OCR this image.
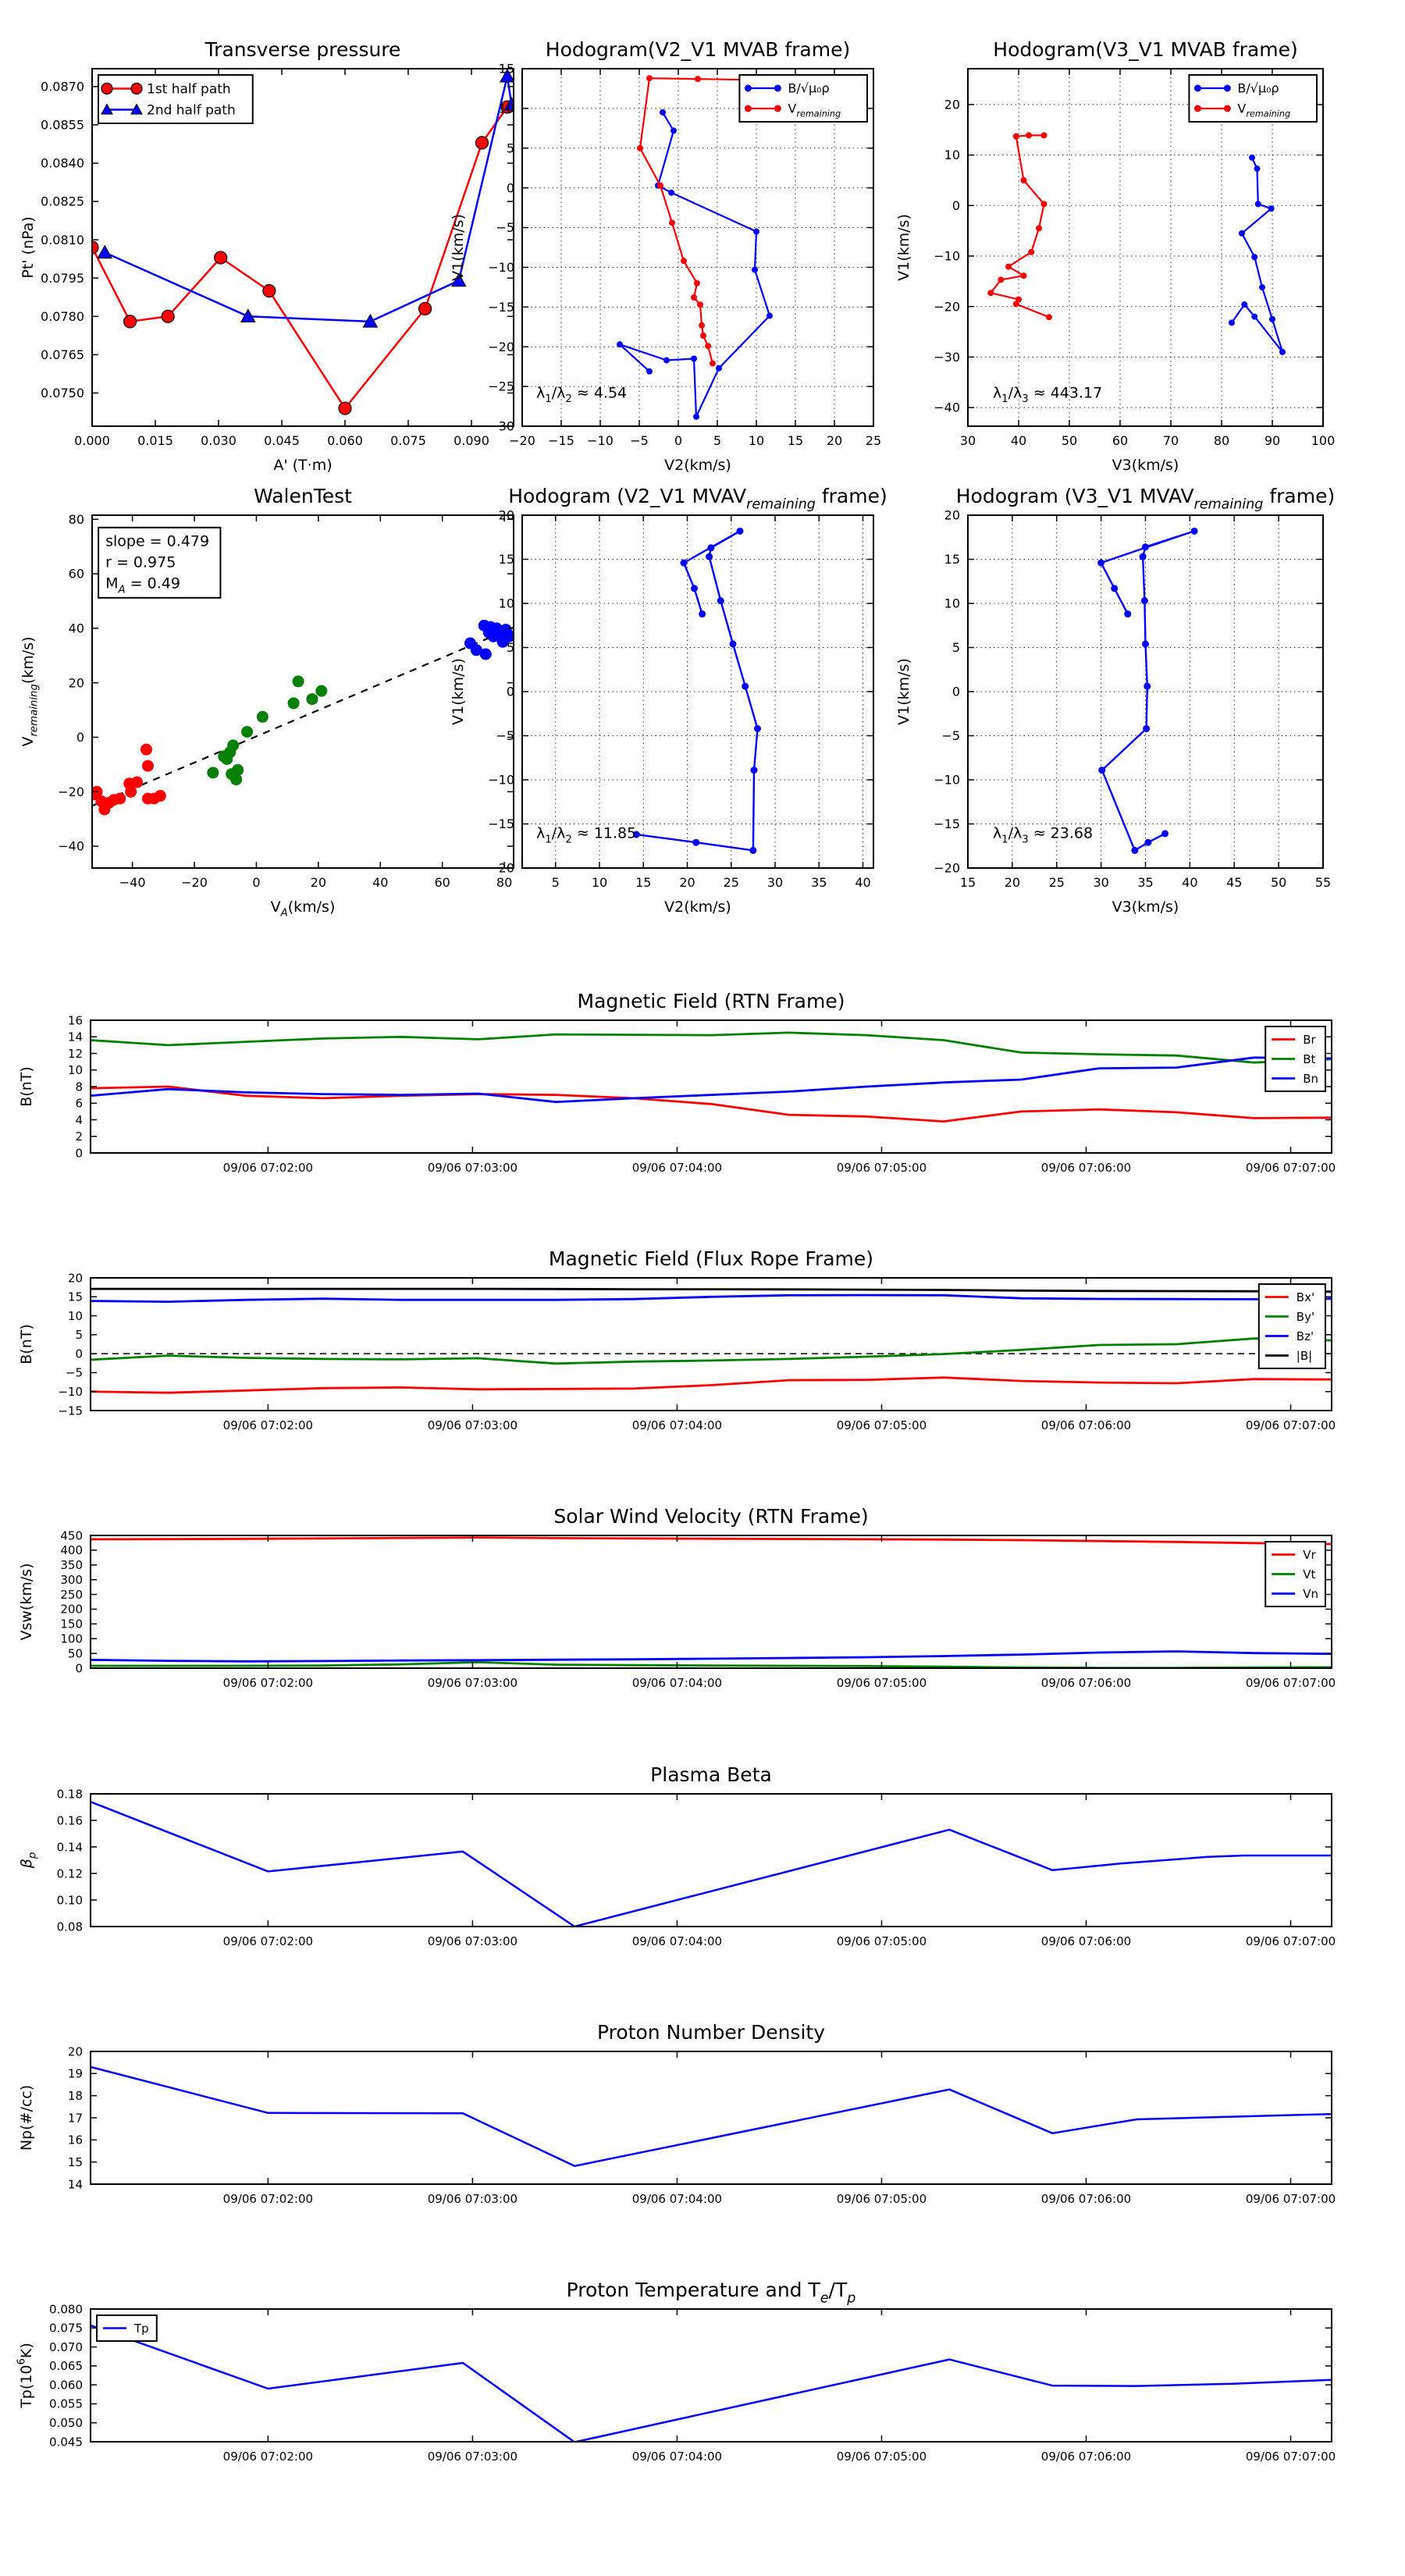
0.000 0.015 0.030 0.045 0.060 0.075 0.090
0.0750
0.0765
0.0780
0.0795
0.0810
0.0825
0.0840
0.0855
0.0870
Transverse pressure
A' (T·m)
Pt' (nPa)
1st half path
2nd half path
−20 −15 −10 −5 0 5 10 15 20 25
−30
−25
−20
−15
−10
−5
0
5
10
15
Hodogram(V2_V1 MVAB frame)
V2(km/s)
V1(km/s)
B/√μ₀ρ
$V_{remaining}$
$\lambda_1/\lambda_2 \approx 4.54$
30	40	50	60	70	80	90 100
−40
−30
−20
−10
0
10
20
Hodogram(V3_V1 MVAB frame)
V3(km/s)
V1(km/s)
B/√μ₀ρ
$V_{remaining}$
$\lambda_1/\lambda_3 \approx 443.17$
−40	−20	0	20	40	60	80
−40
−20
0
20
40
60
80
WalenTest
$V_A(km/s)$
$V_{remaining}(km/s)$
slope = 0.479
r = 0.975
$M_A = 0.49$
5	10 15 20 25 30 35 40
−20
−15
−10
−5
0
5
10
15
20
Hodogram (V2_V1 $MVAV_{remaining}$ frame)
V2(km/s)
V1(km/s)
$\lambda_1/\lambda_2 \approx 11.85$
15 20 25 30 35 40 45 50 55
−20
−15
−10
−5
0
5
10
15
20
Hodogram (V3_V1 $MVAV_{remaining}$ frame)
V3(km/s)
V1(km/s)
$\lambda_1/\lambda_3 \approx 23.68$
09/06 07:02:00	09/06 07:03:00	09/06 07:04:00	09/06 07:05:00	09/06 07:06:00	09/06 07:07:00
0
2
4
6
8
10
12
14
16
Magnetic Field (RTN Frame)
B(nT)
Br
Bt
Bn
09/06 07:02:00	09/06 07:03:00	09/06 07:04:00	09/06 07:05:00	09/06 07:06:00	09/06 07:07:00
−15
−10
−5
0
5
10
15
20
Magnetic Field (Flux Rope Frame)
B(nT)
Bx'
By'
Bz'
|B|
09/06 07:02:00	09/06 07:03:00	09/06 07:04:00	09/06 07:05:00	09/06 07:06:00	09/06 07:07:00
0
50
100
150
200
250
300
350
400
450
Solar Wind Velocity (RTN Frame)
Vsw(km/s)
Vr
Vt
Vn
09/06 07:02:00	09/06 07:03:00	09/06 07:04:00	09/06 07:05:00	09/06 07:06:00	09/06 07:07:00
0.08
0.10
0.12
0.14
0.16
0.18
Plasma Beta
$\beta_p$
09/06 07:02:00	09/06 07:03:00	09/06 07:04:00	09/06 07:05:00	09/06 07:06:00	09/06 07:07:00
14
15
16
17
18
19
20
Proton Number Density
Np(#/cc)
09/06 07:02:00	09/06 07:03:00	09/06 07:04:00	09/06 07:05:00	09/06 07:06:00	09/06 07:07:00
0.045
0.050
0.055
0.060
0.065
0.070
0.075
0.080
Proton Temperature and $T_e/T_p$
$Tp(10^6K)$
Tp
